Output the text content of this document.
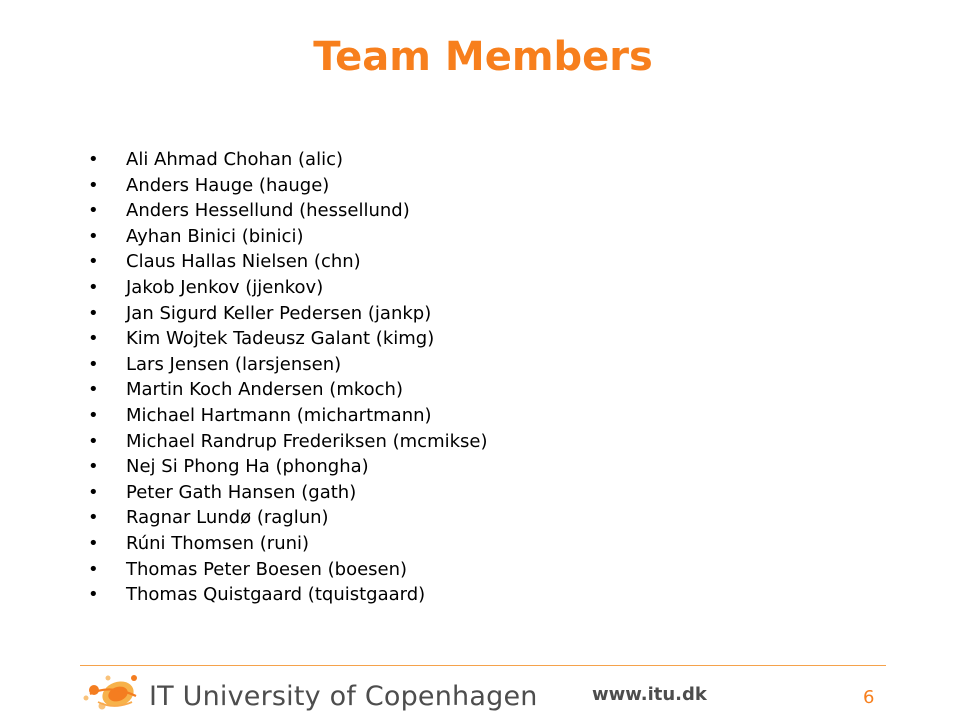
Team Members
• Ali Ahmad Chohan (alic)
• Anders Hauge (hauge)
• Anders Hessellund (hessellund)
• Ayhan Binici (binici)
• Claus Hallas Nielsen (chn)
• Jakob Jenkov (jjenkov)
• Jan Sigurd Keller Pedersen (jankp)
• Kim Wojtek Tadeusz Galant (kimg)
• Lars Jensen (larsjensen)
• Martin Koch Andersen (mkoch)
• Michael Hartmann (michartmann)
• Michael Randrup Frederiksen (mcmikse)
• Nej Si Phong Ha (phongha)
• Peter Gath Hansen (gath)
• Ragnar Lundø (raglun)
• Rúni Thomsen (runi)
• Thomas Peter Boesen (boesen)
• Thomas Quistgaard (tquistgaard)
IT University of Copenhagen	www.itu.dk	6
